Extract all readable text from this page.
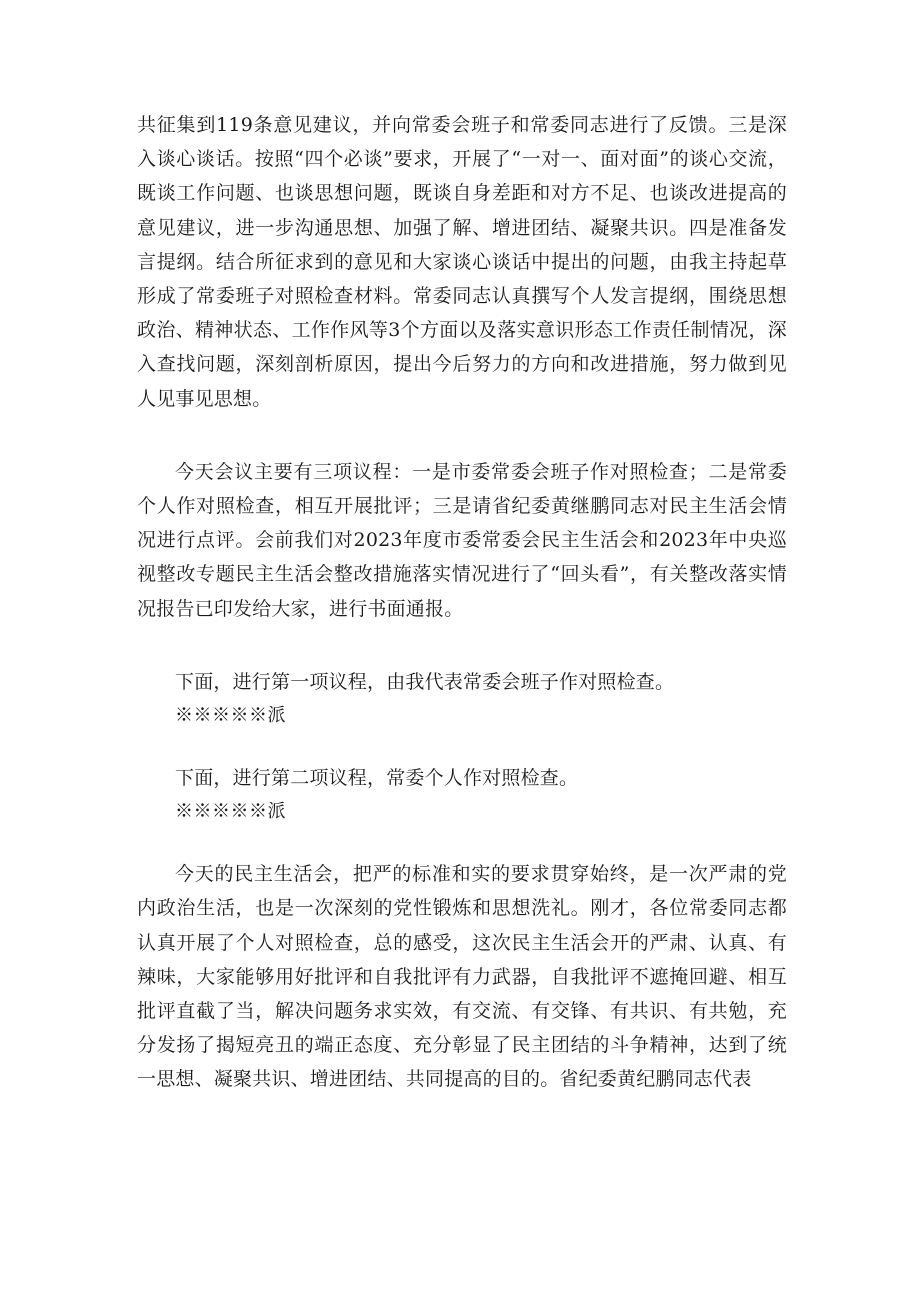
共征集到119条意见建议，并向常委会班子和常委同志进行了反馈。三是深入谈心谈话。按照“四个必谈”要求，开展了“一对一、面对面”的谈心交流，既谈工作问题、也谈思想问题，既谈自身差距和对方不足、也谈改进提高的意见建议，进一步沟通思想、加强了解、增进团结、凝聚共识。四是准备发言提纲。结合所征求到的意见和大家谈心谈话中提出的问题，由我主持起草形成了常委班子对照检查材料。常委同志认真撰写个人发言提纲，围绕思想政治、精神状态、工作作风等3个方面以及落实意识形态工作责任制情况，深入查找问题，深刻剖析原因，提出今后努力的方向和改进措施，努力做到见人见事见思想。

今天会议主要有三项议程：一是市委常委会班子作对照检查；二是常委个人作对照检查，相互开展批评；三是请省纪委黄继鹏同志对民主生活会情况进行点评。会前我们对2023年度市委常委会民主生活会和2023年中央巡视整改专题民主生活会整改措施落实情况进行了“回头看”，有关整改落实情况报告已印发给大家，进行书面通报。

下面，进行第一项议程，由我代表常委会班子作对照检查。

※※※※※派

下面，进行第二项议程，常委个人作对照检查。

※※※※※派

今天的民主生活会，把严的标准和实的要求贯穿始终，是一次严肃的党内政治生活，也是一次深刻的党性锻炼和思想洗礼。刚才，各位常委同志都认真开展了个人对照检查，总的感受，这次民主生活会开的严肃、认真、有辣味，大家能够用好批评和自我批评有力武器，自我批评不遮掩回避、相互批评直截了当，解决问题务求实效，有交流、有交锋、有共识、有共勉，充分发扬了揭短亮丑的端正态度、充分彰显了民主团结的斗争精神，达到了统一思想、凝聚共识、增进团结、共同提高的目的。省纪委黄纪鹏同志代表
